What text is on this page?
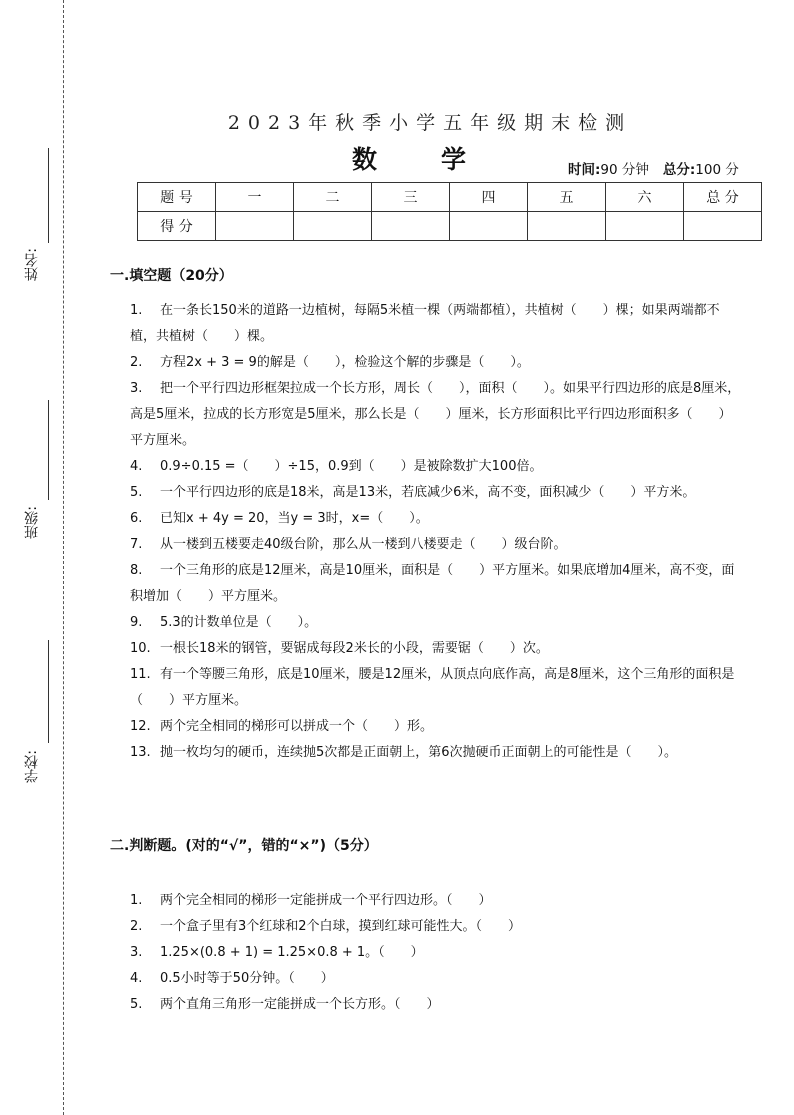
姓名:
班级:
学校:
2023年秋季小学五年级期末检测
数学	时间:90 分钟 总分:100 分
题 号	一	二	三	四	五	六	总 分
得 分							
一.填空题（20分）

1. 在一条长150米的道路一边植树，每隔5米植一棵（两端都植），共植树（　　）棵；如果两端都不植，共植树（　　）棵。

2. 方程2x + 3 = 9的解是（　　），检验这个解的步骤是（　　）。

3. 把一个平行四边形框架拉成一个长方形，周长（　　），面积（　　）。如果平行四边形的底是8厘米，高是5厘米，拉成的长方形宽是5厘米，那么长是（　　）厘米，长方形面积比平行四边形面积多（　　）平方厘米。

4. 0.9÷0.15 =（　　）÷15，0.9到（　　）是被除数扩大100倍。

5. 一个平行四边形的底是18米，高是13米，若底减少6米，高不变，面积减少（　　）平方米。

6. 已知x + 4y = 20，当y = 3时，x=（　　）。

7. 从一楼到五楼要走40级台阶，那么从一楼到八楼要走（　　）级台阶。

8. 一个三角形的底是12厘米，高是10厘米，面积是（　　）平方厘米。如果底增加4厘米，高不变，面积增加（　　）平方厘米。

9. 5.3的计数单位是（　　）。

10. 一根长18米的钢管，要锯成每段2米长的小段，需要锯（　　）次。

11. 有一个等腰三角形，底是10厘米，腰是12厘米，从顶点向底作高，高是8厘米，这个三角形的面积是（　　）平方厘米。

12. 两个完全相同的梯形可以拼成一个（　　）形。

13. 抛一枚均匀的硬币，连续抛5次都是正面朝上，第6次抛硬币正面朝上的可能性是（　　）。

二.判断题。(对的“√”，错的“×”)（5分）

1. 两个完全相同的梯形一定能拼成一个平行四边形。（　　）

2. 一个盒子里有3个红球和2个白球，摸到红球可能性大。（　　）

3. 1.25×(0.8 + 1) = 1.25×0.8 + 1。（　　）

4. 0.5小时等于50分钟。（　　）

5. 两个直角三角形一定能拼成一个长方形。（　　）
